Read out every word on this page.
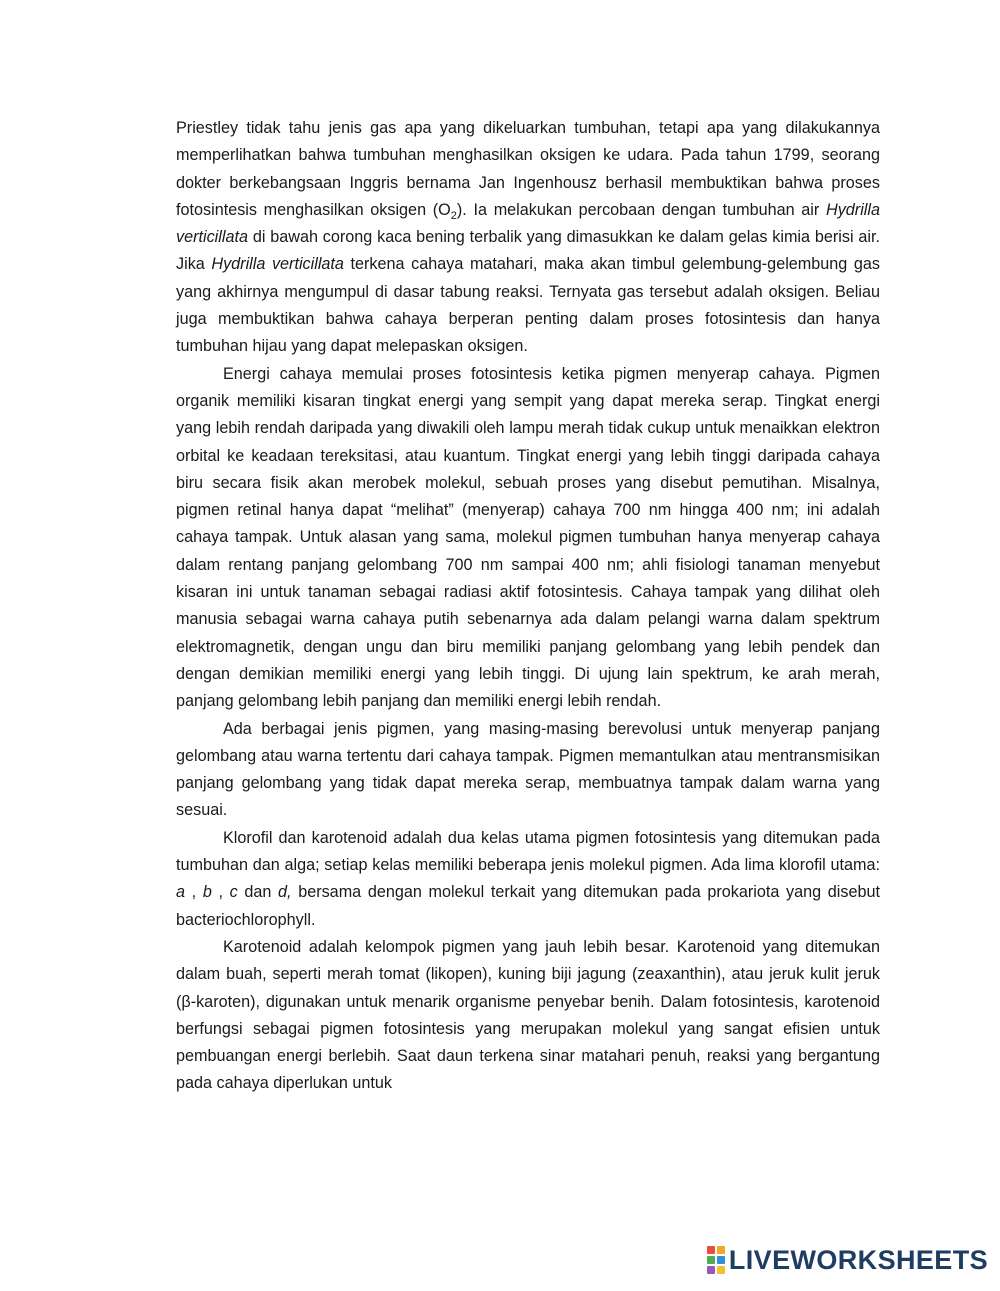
Priestley tidak tahu jenis gas apa yang dikeluarkan tumbuhan, tetapi apa yang dilakukannya memperlihatkan bahwa tumbuhan menghasilkan oksigen ke udara. Pada tahun 1799, seorang dokter berkebangsaan Inggris bernama Jan Ingenhousz berhasil membuktikan bahwa proses fotosintesis menghasilkan oksigen $(O_2)$. Ia melakukan percobaan dengan tumbuhan air Hydrilla verticillata di bawah corong kaca bening terbalik yang dimasukkan ke dalam gelas kimia berisi air. Jika Hydrilla verticillata terkena cahaya matahari, maka akan timbul gelembung-gelembung gas yang akhirnya mengumpul di dasar tabung reaksi. Ternyata gas tersebut adalah oksigen. Beliau juga membuktikan bahwa cahaya berperan penting dalam proses fotosintesis dan hanya tumbuhan hijau yang dapat melepaskan oksigen.

Energi cahaya memulai proses fotosintesis ketika pigmen menyerap cahaya. Pigmen organik memiliki kisaran tingkat energi yang sempit yang dapat mereka serap. Tingkat energi yang lebih rendah daripada yang diwakili oleh lampu merah tidak cukup untuk menaikkan elektron orbital ke keadaan tereksitasi, atau kuantum. Tingkat energi yang lebih tinggi daripada cahaya biru secara fisik akan merobek molekul, sebuah proses yang disebut pemutihan. Misalnya, pigmen retinal hanya dapat “melihat” (menyerap) cahaya 700 nm hingga 400 nm; ini adalah cahaya tampak. Untuk alasan yang sama, molekul pigmen tumbuhan hanya menyerap cahaya dalam rentang panjang gelombang 700 nm sampai 400 nm; ahli fisiologi tanaman menyebut kisaran ini untuk tanaman sebagai radiasi aktif fotosintesis. Cahaya tampak yang dilihat oleh manusia sebagai warna cahaya putih sebenarnya ada dalam pelangi warna dalam spektrum elektromagnetik, dengan ungu dan biru memiliki panjang gelombang yang lebih pendek dan dengan demikian memiliki energi yang lebih tinggi. Di ujung lain spektrum, ke arah merah, panjang gelombang lebih panjang dan memiliki energi lebih rendah.

Ada berbagai jenis pigmen, yang masing-masing berevolusi untuk menyerap panjang gelombang atau warna tertentu dari cahaya tampak. Pigmen memantulkan atau mentransmisikan panjang gelombang yang tidak dapat mereka serap, membuatnya tampak dalam warna yang sesuai.

Klorofil dan karotenoid adalah dua kelas utama pigmen fotosintesis yang ditemukan pada tumbuhan dan alga; setiap kelas memiliki beberapa jenis molekul pigmen. Ada lima klorofil utama: a , b , c dan d, bersama dengan molekul terkait yang ditemukan pada prokariota yang disebut bacteriochlorophyll.

Karotenoid adalah kelompok pigmen yang jauh lebih besar. Karotenoid yang ditemukan dalam buah, seperti merah tomat (likopen), kuning biji jagung (zeaxanthin), atau jeruk kulit jeruk (β-karoten), digunakan untuk menarik organisme penyebar benih. Dalam fotosintesis, karotenoid berfungsi sebagai pigmen fotosintesis yang merupakan molekul yang sangat efisien untuk pembuangan energi berlebih. Saat daun terkena sinar matahari penuh, reaksi yang bergantung pada cahaya diperlukan untuk

LIVEWORKSHEETS
